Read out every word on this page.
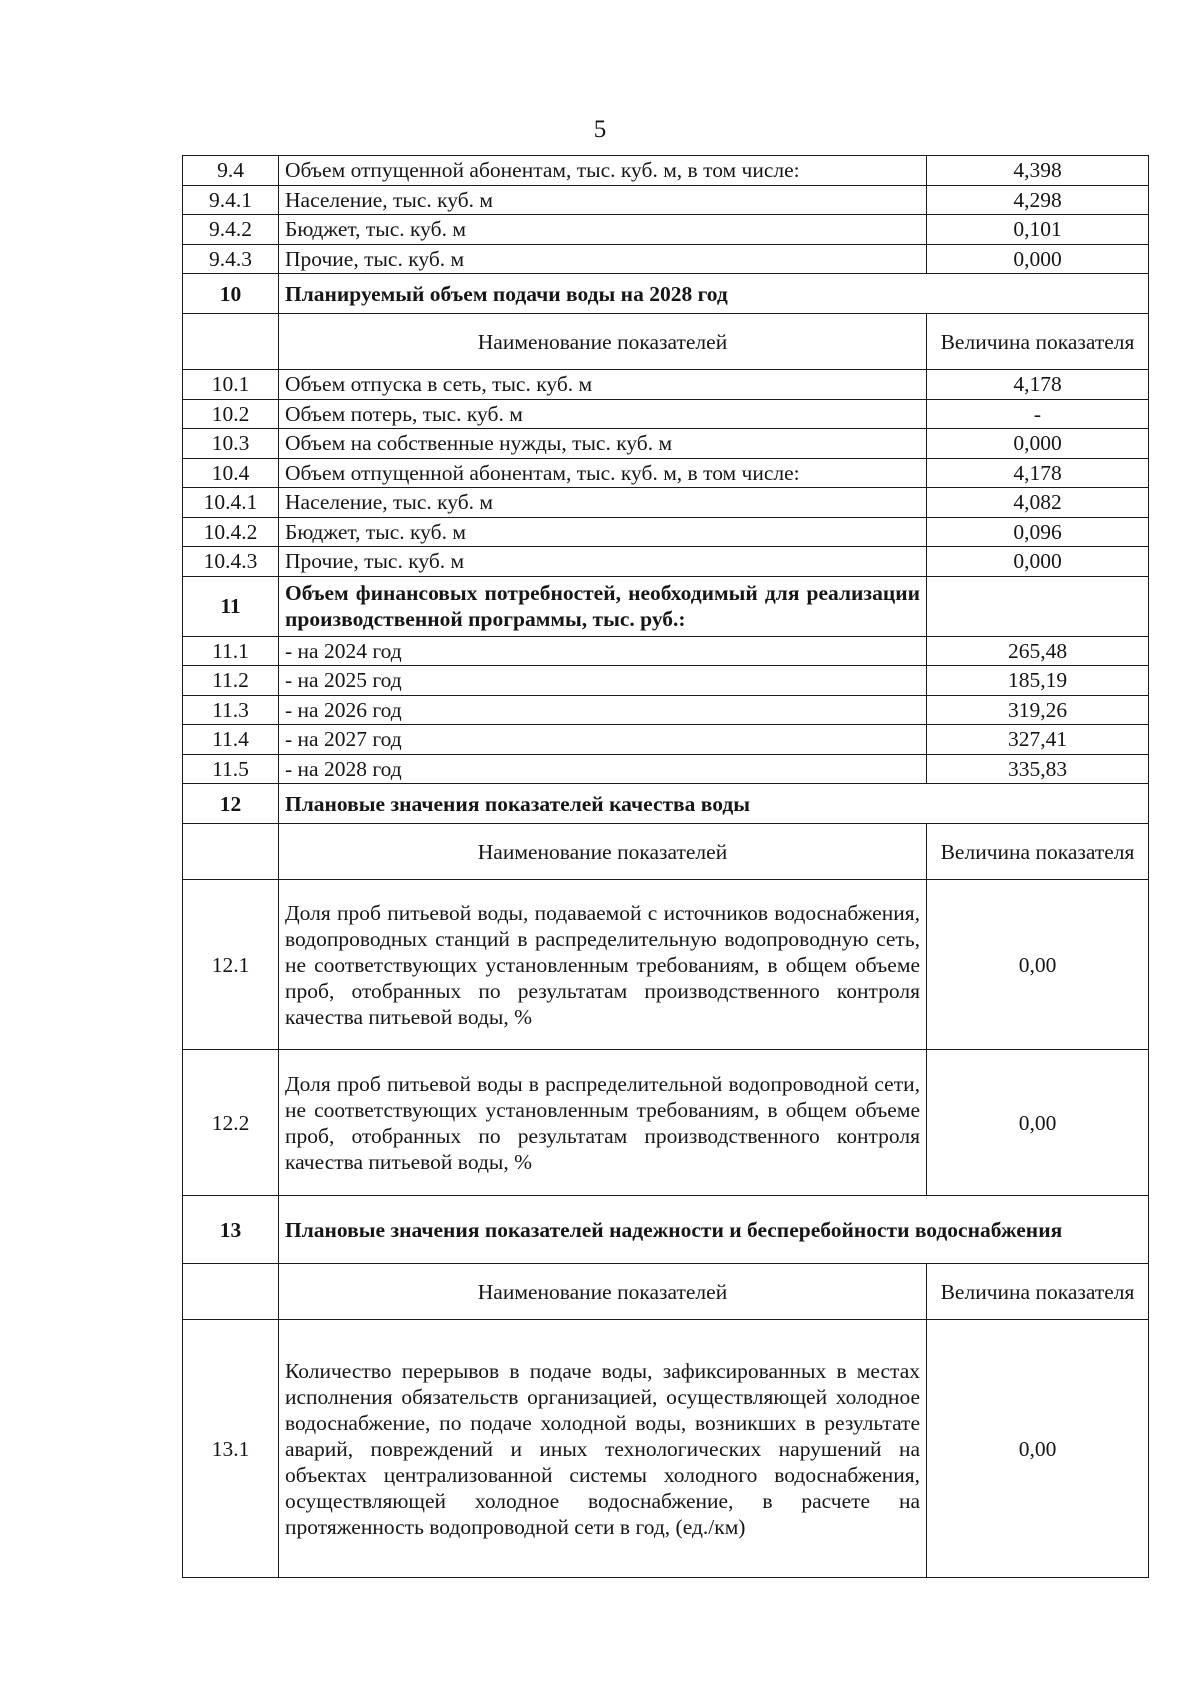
5
9.4	Объем отпущенной абонентам, тыс. куб. м, в том числе:	4,398
9.4.1	Население, тыс. куб. м	4,298
9.4.2	Бюджет, тыс. куб. м	0,101
9.4.3	Прочие, тыс. куб. м	0,000
10	Планируемый объем подачи воды на 2028 год	
	Наименование показателей	Величина показателя
10.1	Объем отпуска в сеть, тыс. куб. м	4,178
10.2	Объем потерь, тыс. куб. м	-
10.3	Объем на собственные нужды, тыс. куб. м	0,000
10.4	Объем отпущенной абонентам, тыс. куб. м, в том числе:	4,178
10.4.1	Население, тыс. куб. м	4,082
10.4.2	Бюджет, тыс. куб. м	0,096
10.4.3	Прочие, тыс. куб. м	0,000
11	Объем финансовых потребностей, необходимый для реализации производственной программы, тыс. руб.:	
11.1	- на 2024 год	265,48
11.2	- на 2025 год	185,19
11.3	- на 2026 год	319,26
11.4	- на 2027 год	327,41
11.5	- на 2028 год	335,83
12	Плановые значения показателей качества воды	
	Наименование показателей	Величина показателя
12.1	Доля проб питьевой воды, подаваемой с источников водоснабжения, водопроводных станций в распределительную водопроводную сеть, не соответствующих установленным требованиям, в общем объеме проб, отобранных по результатам производственного контроля качества питьевой воды, %	0,00
12.2	Доля проб питьевой воды в распределительной водопроводной сети, не соответствующих установленным требованиям, в общем объеме проб, отобранных по результатам производственного контроля качества питьевой воды, %	0,00
13	Плановые значения показателей надежности и бесперебойности водоснабжения	
	Наименование показателей	Величина показателя
13.1	Количество перерывов в подаче воды, зафиксированных в местах исполнения обязательств организацией, осуществляющей холодное водоснабжение, по подаче холодной воды, возникших в результате аварий, повреждений и иных технологических нарушений на объектах централизованной системы холодного водоснабжения, осуществляющей холодное водоснабжение, в расчете на протяженность водопроводной сети в год, (ед./км)	0,00
